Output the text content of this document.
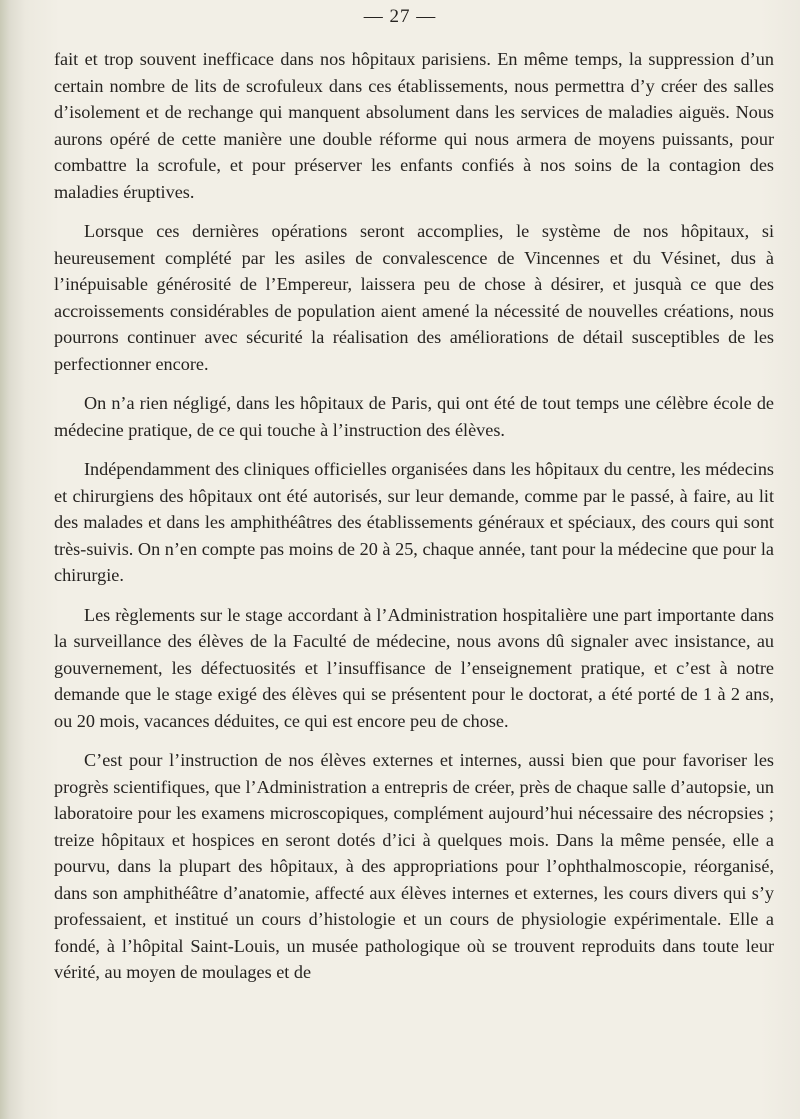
— 27 —

fait et trop souvent inefficace dans nos hôpitaux parisiens. En même temps, la suppression d’un certain nombre de lits de scrofuleux dans ces établissements, nous permettra d’y créer des salles d’isolement et de rechange qui manquent absolument dans les services de maladies aiguës. Nous aurons opéré de cette manière une double réforme qui nous armera de moyens puissants, pour combattre la scrofule, et pour préserver les enfants confiés à nos soins de la contagion des maladies éruptives.

Lorsque ces dernières opérations seront accomplies, le système de nos hôpitaux, si heureusement complété par les asiles de convalescence de Vincennes et du Vésinet, dus à l’inépuisable générosité de l’Empereur, laissera peu de chose à désirer, et jusquà ce que des accroissements considérables de population aient amené la nécessité de nouvelles créations, nous pourrons continuer avec sécurité la réalisation des améliorations de détail susceptibles de les perfectionner encore.

On n’a rien négligé, dans les hôpitaux de Paris, qui ont été de tout temps une célèbre école de médecine pratique, de ce qui touche à l’instruction des élèves.

Indépendamment des cliniques officielles organisées dans les hôpitaux du centre, les médecins et chirurgiens des hôpitaux ont été autorisés, sur leur demande, comme par le passé, à faire, au lit des malades et dans les amphithéâtres des établissements généraux et spéciaux, des cours qui sont très-suivis. On n’en compte pas moins de 20 à 25, chaque année, tant pour la médecine que pour la chirurgie.

Les règlements sur le stage accordant à l’Administration hospitalière une part importante dans la surveillance des élèves de la Faculté de médecine, nous avons dû signaler avec insistance, au gouvernement, les défectuosités et l’insuffisance de l’enseignement pratique, et c’est à notre demande que le stage exigé des élèves qui se présentent pour le doctorat, a été porté de 1 à 2 ans, ou 20 mois, vacances déduites, ce qui est encore peu de chose.

C’est pour l’instruction de nos élèves externes et internes, aussi bien que pour favoriser les progrès scientifiques, que l’Administration a entrepris de créer, près de chaque salle d’autopsie, un laboratoire pour les examens microscopiques, complément aujourd’hui nécessaire des nécropsies ; treize hôpitaux et hospices en seront dotés d’ici à quelques mois. Dans la même pensée, elle a pourvu, dans la plupart des hôpitaux, à des appropriations pour l’ophthalmoscopie, réorganisé, dans son amphithéâtre d’anatomie, affecté aux élèves internes et externes, les cours divers qui s’y professaient, et institué un cours d’histologie et un cours de physiologie expérimentale. Elle a fondé, à l’hôpital Saint-Louis, un musée pathologique où se trouvent reproduits dans toute leur vérité, au moyen de moulages et de
